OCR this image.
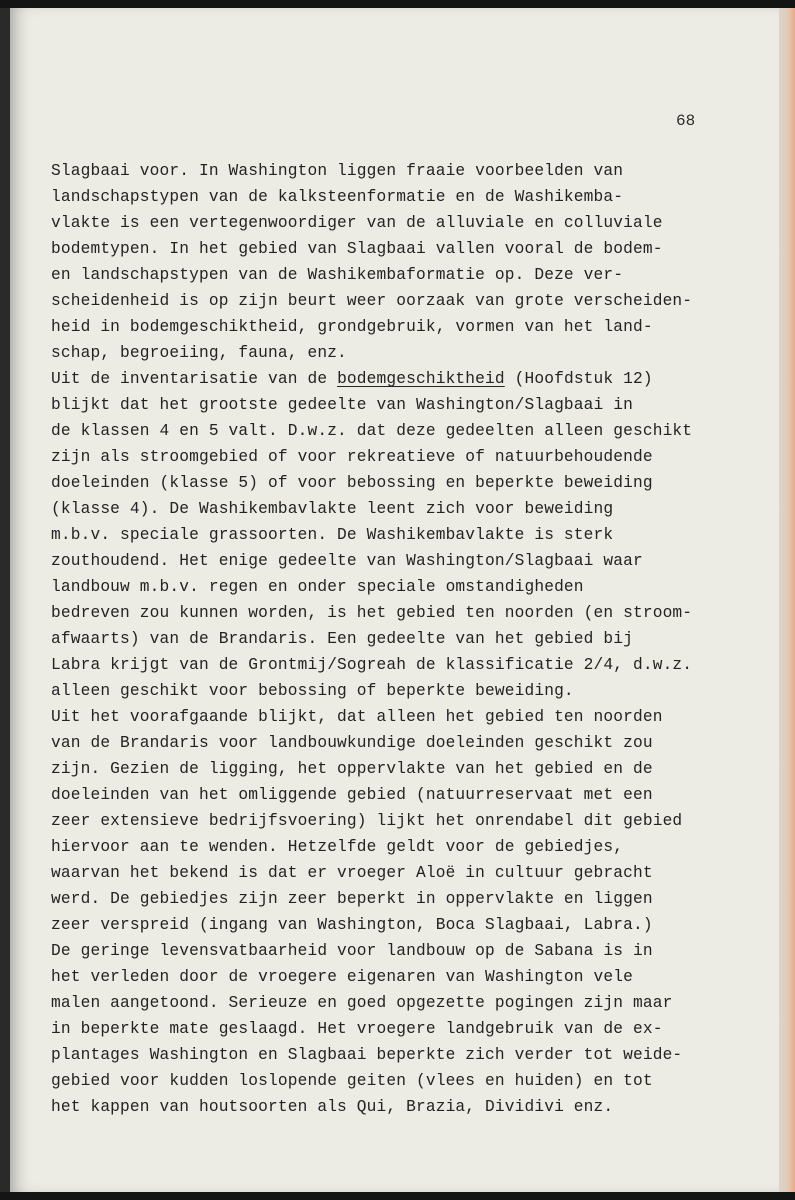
68
Slagbaai voor. In Washington liggen fraaie voorbeelden van
landschapstypen van de kalksteenformatie en de Washikemba-
vlakte is een vertegenwoordiger van de alluviale en colluviale
bodemtypen. In het gebied van Slagbaai vallen vooral de bodem-
en landschapstypen van de Washikembaformatie op. Deze ver-
scheidenheid is op zijn beurt weer oorzaak van grote verscheiden-
heid in bodemgeschiktheid, grondgebruik, vormen van het land-
schap, begroeiing, fauna, enz.
Uit de inventarisatie van de bodemgeschiktheid (Hoofdstuk 12)
blijkt dat het grootste gedeelte van Washington/Slagbaai in
de klassen 4 en 5 valt. D.w.z. dat deze gedeelten alleen geschikt
zijn als stroomgebied of voor rekreatieve of natuurbehoudende
doeleinden (klasse 5) of voor bebossing en beperkte beweiding
(klasse 4). De Washikembavlakte leent zich voor beweiding
m.b.v. speciale grassoorten. De Washikembavlakte is sterk
zouthoudend. Het enige gedeelte van Washington/Slagbaai waar
landbouw m.b.v. regen en onder speciale omstandigheden
bedreven zou kunnen worden, is het gebied ten noorden (en stroom-
afwaarts) van de Brandaris. Een gedeelte van het gebied bij
Labra krijgt van de Grontmij/Sogreah de klassificatie 2/4, d.w.z.
alleen geschikt voor bebossing of beperkte beweiding.
Uit het voorafgaande blijkt, dat alleen het gebied ten noorden
van de Brandaris voor landbouwkundige doeleinden geschikt zou
zijn. Gezien de ligging, het oppervlakte van het gebied en de
doeleinden van het omliggende gebied (natuurreservaat met een
zeer extensieve bedrijfsvoering) lijkt het onrendabel dit gebied
hiervoor aan te wenden. Hetzelfde geldt voor de gebiedjes,
waarvan het bekend is dat er vroeger Aloë in cultuur gebracht
werd. De gebiedjes zijn zeer beperkt in oppervlakte en liggen
zeer verspreid (ingang van Washington, Boca Slagbaai, Labra.)
De geringe levensvatbaarheid voor landbouw op de Sabana is in
het verleden door de vroegere eigenaren van Washington vele
malen aangetoond. Serieuze en goed opgezette pogingen zijn maar
in beperkte mate geslaagd. Het vroegere landgebruik van de ex-
plantages Washington en Slagbaai beperkte zich verder tot weide-
gebied voor kudden loslopende geiten (vlees en huiden) en tot
het kappen van houtsoorten als Qui, Brazia, Dividivi enz.
